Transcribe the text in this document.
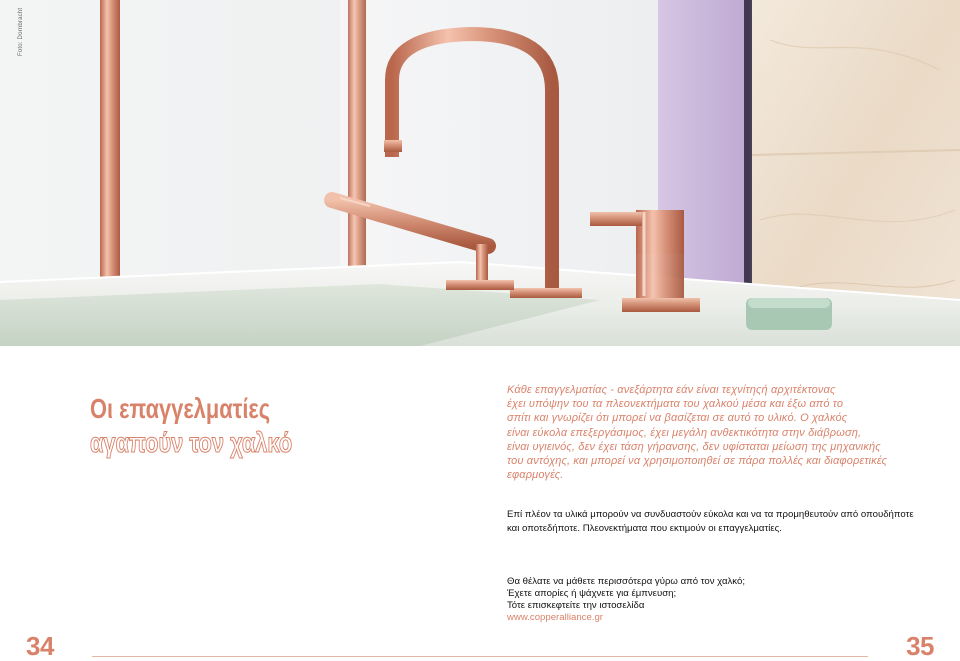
Foto: Dornbracht
Οι επαγγελματίες
αγαπούν τον χαλκό
Κάθε επαγγελματίας - ανεξάρτητα εάν είναι τεχνίτηςή αρχιτέκτονας
έχει υπόψην του τα πλεονεκτήματα του χαλκού μέσα και έξω από το
σπίτι και γνωρίζει ότι μπορεί να βασίζεται σε αυτό το υλικό. Ο χαλκός
είναι εύκολα επεξεργάσιμος, έχει μεγάλη ανθεκτικότητα στην διάβρωση,
είναι υγιεινός, δεν έχει τάση γήρανσης, δεν υφίσταται μείωση της μηχανικής
του αντόχης, και μπορεί να χρησιμοποιηθεί σε πάρα πολλές και διαφορετικές
εφαρμογές.
Επί πλέον τα υλικά μπορούν να συνδυαστούν εύκολα και να τα προμηθευτούν από οπουδήποτε
και οποτεδήποτε. Πλεονεκτήματα που εκτιμούν οι επαγγελματίες.
Θα θέλατε να μάθετε περισσότερα γύρω από τον χαλκό;
Έχετε απορίες ή ψάχνετε για έμπνευση;
Τότε επισκεφτείτε την ιστοσελίδα
www.copperalliance.gr
34	35
